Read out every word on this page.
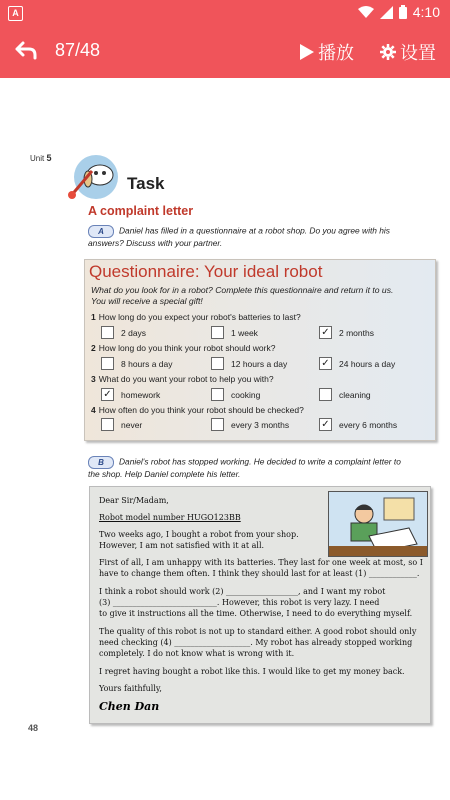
A	4:10
87/48	播放	设置
Unit 5
Task
A complaint letter
A Daniel has filled in a questionnaire at a robot shop. Do you agree with his
answers? Discuss with your partner.
Questionnaire: Your ideal robot
What do you look for in a robot? Complete this questionnaire and return it to us.
You will receive a special gift!
1 How long do you expect your robot's batteries to last?
2 days	1 week	✓ 2 months
2 How long do you think your robot should work?
8 hours a day	12 hours a day	✓ 24 hours a day
3 What do you want your robot to help you with?
✓ homework	cooking	cleaning
4 How often do you think your robot should be checked?
never	every 3 months	✓ every 6 months
B Daniel's robot has stopped working. He decided to write a complaint letter to
the shop. Help Daniel complete his letter.
Dear Sir/Madam,
Robot model number HUGO123BB
Two weeks ago, I bought a robot from your shop.
However, I am not satisfied with it at all.
First of all, I am unhappy with its batteries. They last for one week at most, so I
have to change them often. I think they should last for at least (1) ____________.
I think a robot should work (2) __________________, and I want my robot
(3) __________________________. However, this robot is very lazy. I need
to give it instructions all the time. Otherwise, I need to do everything myself.
The quality of this robot is not up to standard either. A good robot should only
need checking (4) ___________________. My robot has already stopped working
completely. I do not know what is wrong with it.
I regret having bought a robot like this. I would like to get my money back.
Yours faithfully,
Chen Dan
48
